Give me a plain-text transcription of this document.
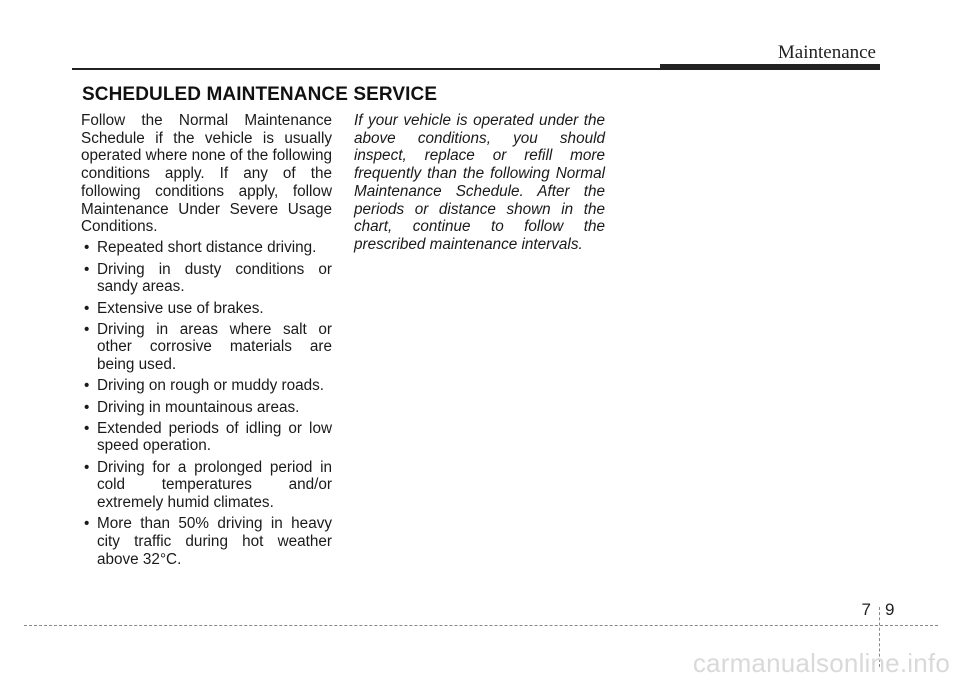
Maintenance
SCHEDULED MAINTENANCE SERVICE

Follow the Normal Maintenance Schedule if the vehicle is usually operated where none of the following conditions apply. If any of the following conditions apply, follow Maintenance Under Severe Usage Conditions.

• Repeated short distance driving.
• Driving in dusty conditions or sandy areas.
• Extensive use of brakes.
• Driving in areas where salt or other corrosive materials are being used.
• Driving on rough or muddy roads.
• Driving in mountainous areas.
• Extended periods of idling or low speed operation.
• Driving for a prolonged period in cold temperatures and/or extremely humid climates.
• More than 50% driving in heavy city traffic during hot weather above 32°C.

If your vehicle is operated under the above conditions, you should inspect, replace or refill more frequently than the following Normal Maintenance Schedule. After the periods or distance shown in the chart, continue to follow the prescribed maintenance intervals.

7 9
carmanualsonline.info
